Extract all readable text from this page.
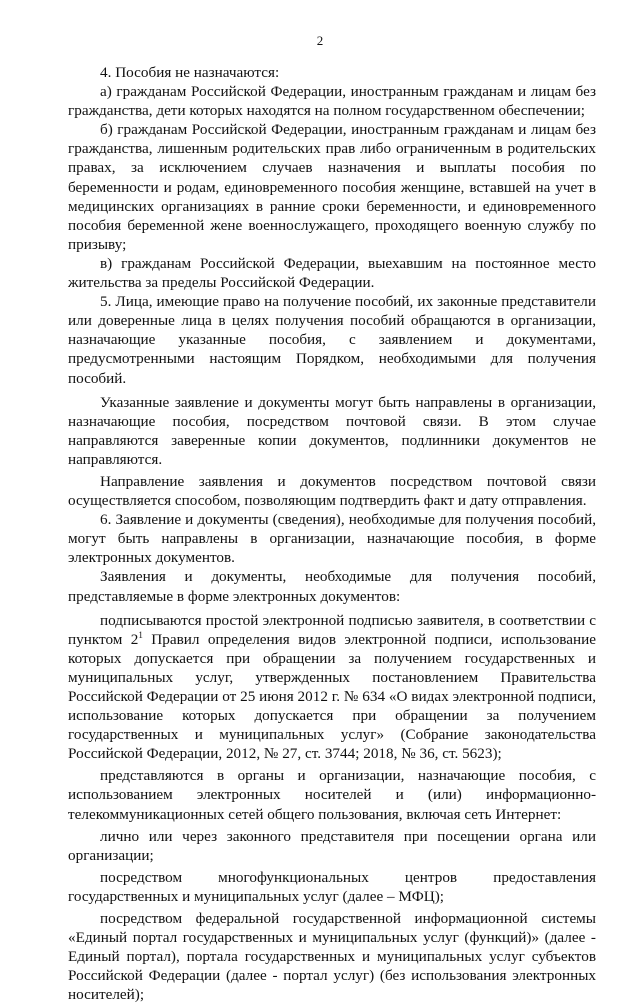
2

4. Пособия не назначаются:

а) гражданам Российской Федерации, иностранным гражданам и лицам без гражданства, дети которых находятся на полном государственном обеспечении;

б) гражданам Российской Федерации, иностранным гражданам и лицам без гражданства, лишенным родительских прав либо ограниченным в родительских правах, за исключением случаев назначения и выплаты пособия по беременности и родам, единовременного пособия женщине, вставшей на учет в медицинских организациях в ранние сроки беременности, и единовременного пособия беременной жене военнослужащего, проходящего военную службу по призыву;

в) гражданам Российской Федерации, выехавшим на постоянное место жительства за пределы Российской Федерации.

5. Лица, имеющие право на получение пособий, их законные представители или доверенные лица в целях получения пособий обращаются в организации, назначающие указанные пособия, с заявлением и документами, предусмотренными настоящим Порядком, необходимыми для получения пособий.

Указанные заявление и документы могут быть направлены в организации, назначающие пособия, посредством почтовой связи. В этом случае направляются заверенные копии документов, подлинники документов не направляются.

Направление заявления и документов посредством почтовой связи осуществляется способом, позволяющим подтвердить факт и дату отправления.

6. Заявление и документы (сведения), необходимые для получения пособий, могут быть направлены в организации, назначающие пособия, в форме электронных документов.

Заявления и документы, необходимые для получения пособий, представляемые в форме электронных документов:

подписываются простой электронной подписью заявителя, в соответствии с пунктом $2^1$ Правил определения видов электронной подписи, использование которых допускается при обращении за получением государственных и муниципальных услуг, утвержденных постановлением Правительства Российской Федерации от 25 июня 2012 г. № 634 «О видах электронной подписи, использование которых допускается при обращении за получением государственных и муниципальных услуг» (Собрание законодательства Российской Федерации, 2012, № 27, ст. 3744; 2018, № 36, ст. 5623);

представляются в органы и организации, назначающие пособия, с использованием электронных носителей и (или) информационно-телекоммуникационных сетей общего пользования, включая сеть Интернет:

лично или через законного представителя при посещении органа или организации;

посредством многофункциональных центров предоставления государственных и муниципальных услуг (далее – МФЦ);

посредством федеральной государственной информационной системы «Единый портал государственных и муниципальных услуг (функций)» (далее - Единый портал), портала государственных и муниципальных услуг субъектов Российской Федерации (далее - портал услуг) (без использования электронных носителей);
